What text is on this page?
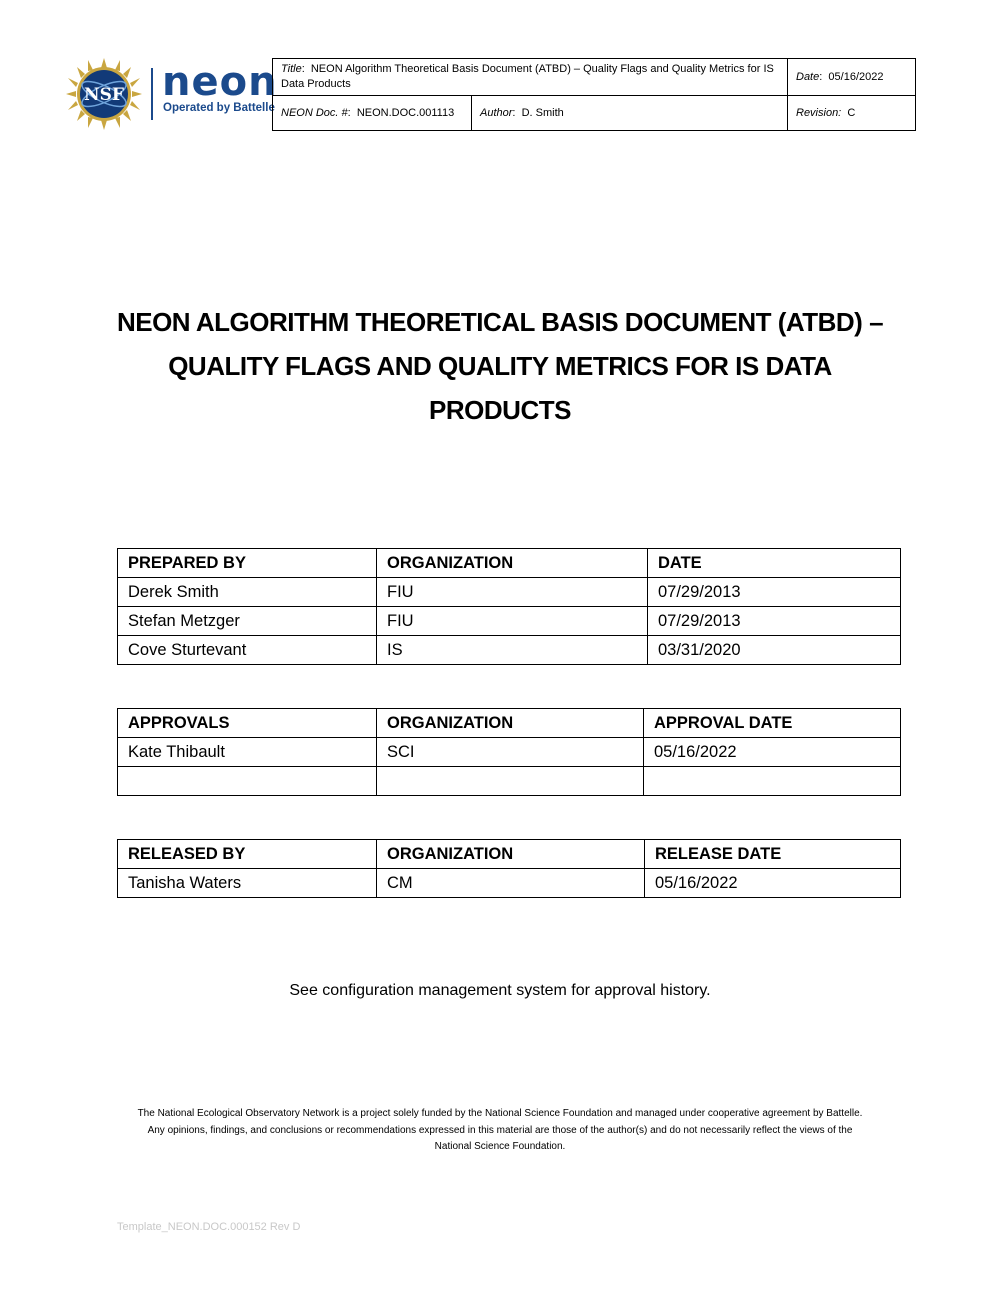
NSF neon
Operated by Battelle
Title:  NEON Algorithm Theoretical Basis Document (ATBD) – Quality Flags and Quality Metrics for IS Data Products		Date:  05/16/2022
NEON Doc. #:  NEON.DOC.001113	Author:  D. Smith	Revision: C
NEON ALGORITHM THEORETICAL BASIS DOCUMENT (ATBD) –
QUALITY FLAGS AND QUALITY METRICS FOR IS DATA
PRODUCTS
PREPARED BY	ORGANIZATION	DATE
Derek Smith	FIU	07/29/2013
Stefan Metzger	FIU	07/29/2013
Cove Sturtevant	IS	03/31/2020
APPROVALS	ORGANIZATION	APPROVAL DATE
Kate Thibault	SCI	05/16/2022

RELEASED BY	ORGANIZATION	RELEASE DATE
Tanisha Waters	CM	05/16/2022
See configuration management system for approval history.
The National Ecological Observatory Network is a project solely funded by the National Science Foundation and managed under cooperative agreement by Battelle.
Any opinions, findings, and conclusions or recommendations expressed in this material are those of the author(s) and do not necessarily reflect the views of the
National Science Foundation.
Template_NEON.DOC.000152 Rev D
